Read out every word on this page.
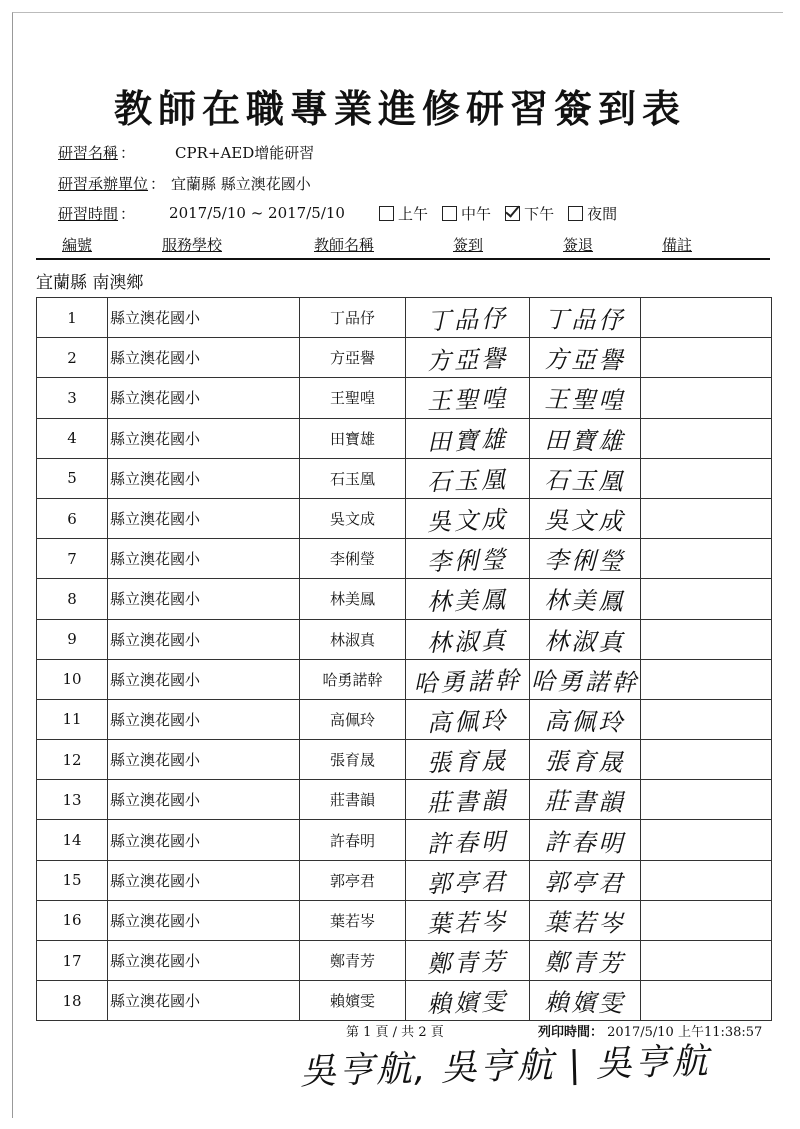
教師在職專業進修研習簽到表
研習名稱 ：	CPR+AED增能研習
研習承辦單位 ： 宜蘭縣 縣立澳花國小
研習時間 ： 2017/5/10 ~ 2017/5/10	上午 中午 下午 夜間
編號	服務學校	教師名稱	簽到	簽退	備註
宜蘭縣 南澳鄉
1	縣立澳花國小	丁品伃	丁品伃	丁品伃	

2	縣立澳花國小	方亞譽	方亞譽	方亞譽	

3	縣立澳花國小	王聖喤	王聖喤	王聖喤	

4	縣立澳花國小	田寶雄	田寶雄	田寶雄	

5	縣立澳花國小	石玉凰	石玉凰	石玉凰	

6	縣立澳花國小	吳文成	吳文成	吳文成	

7	縣立澳花國小	李俐瑩	李俐瑩	李俐瑩	

8	縣立澳花國小	林美鳳	林美鳳	林美鳳	

9	縣立澳花國小	林淑真	林淑真	林淑真	

10	縣立澳花國小	哈勇諾幹	哈勇諾幹	哈勇諾幹	

11	縣立澳花國小	高佩玲	高佩玲	高佩玲	

12	縣立澳花國小	張育晟	張育晟	張育晟	

13	縣立澳花國小	莊書韻	莊書韻	莊書韻	

14	縣立澳花國小	許春明	許春明	許春明	

15	縣立澳花國小	郭亭君	郭亭君	郭亭君	

16	縣立澳花國小	葉若岑	葉若岑	葉若岑	

17	縣立澳花國小	鄭青芳	鄭青芳	鄭青芳	

18	縣立澳花國小	賴嬪雯	賴嬪雯	賴嬪雯	

第 1 頁 / 共 2 頁	列印時間： 2017/5/10 上午11:38:57
吳亨航, 吳亨航 | 吳亨航
